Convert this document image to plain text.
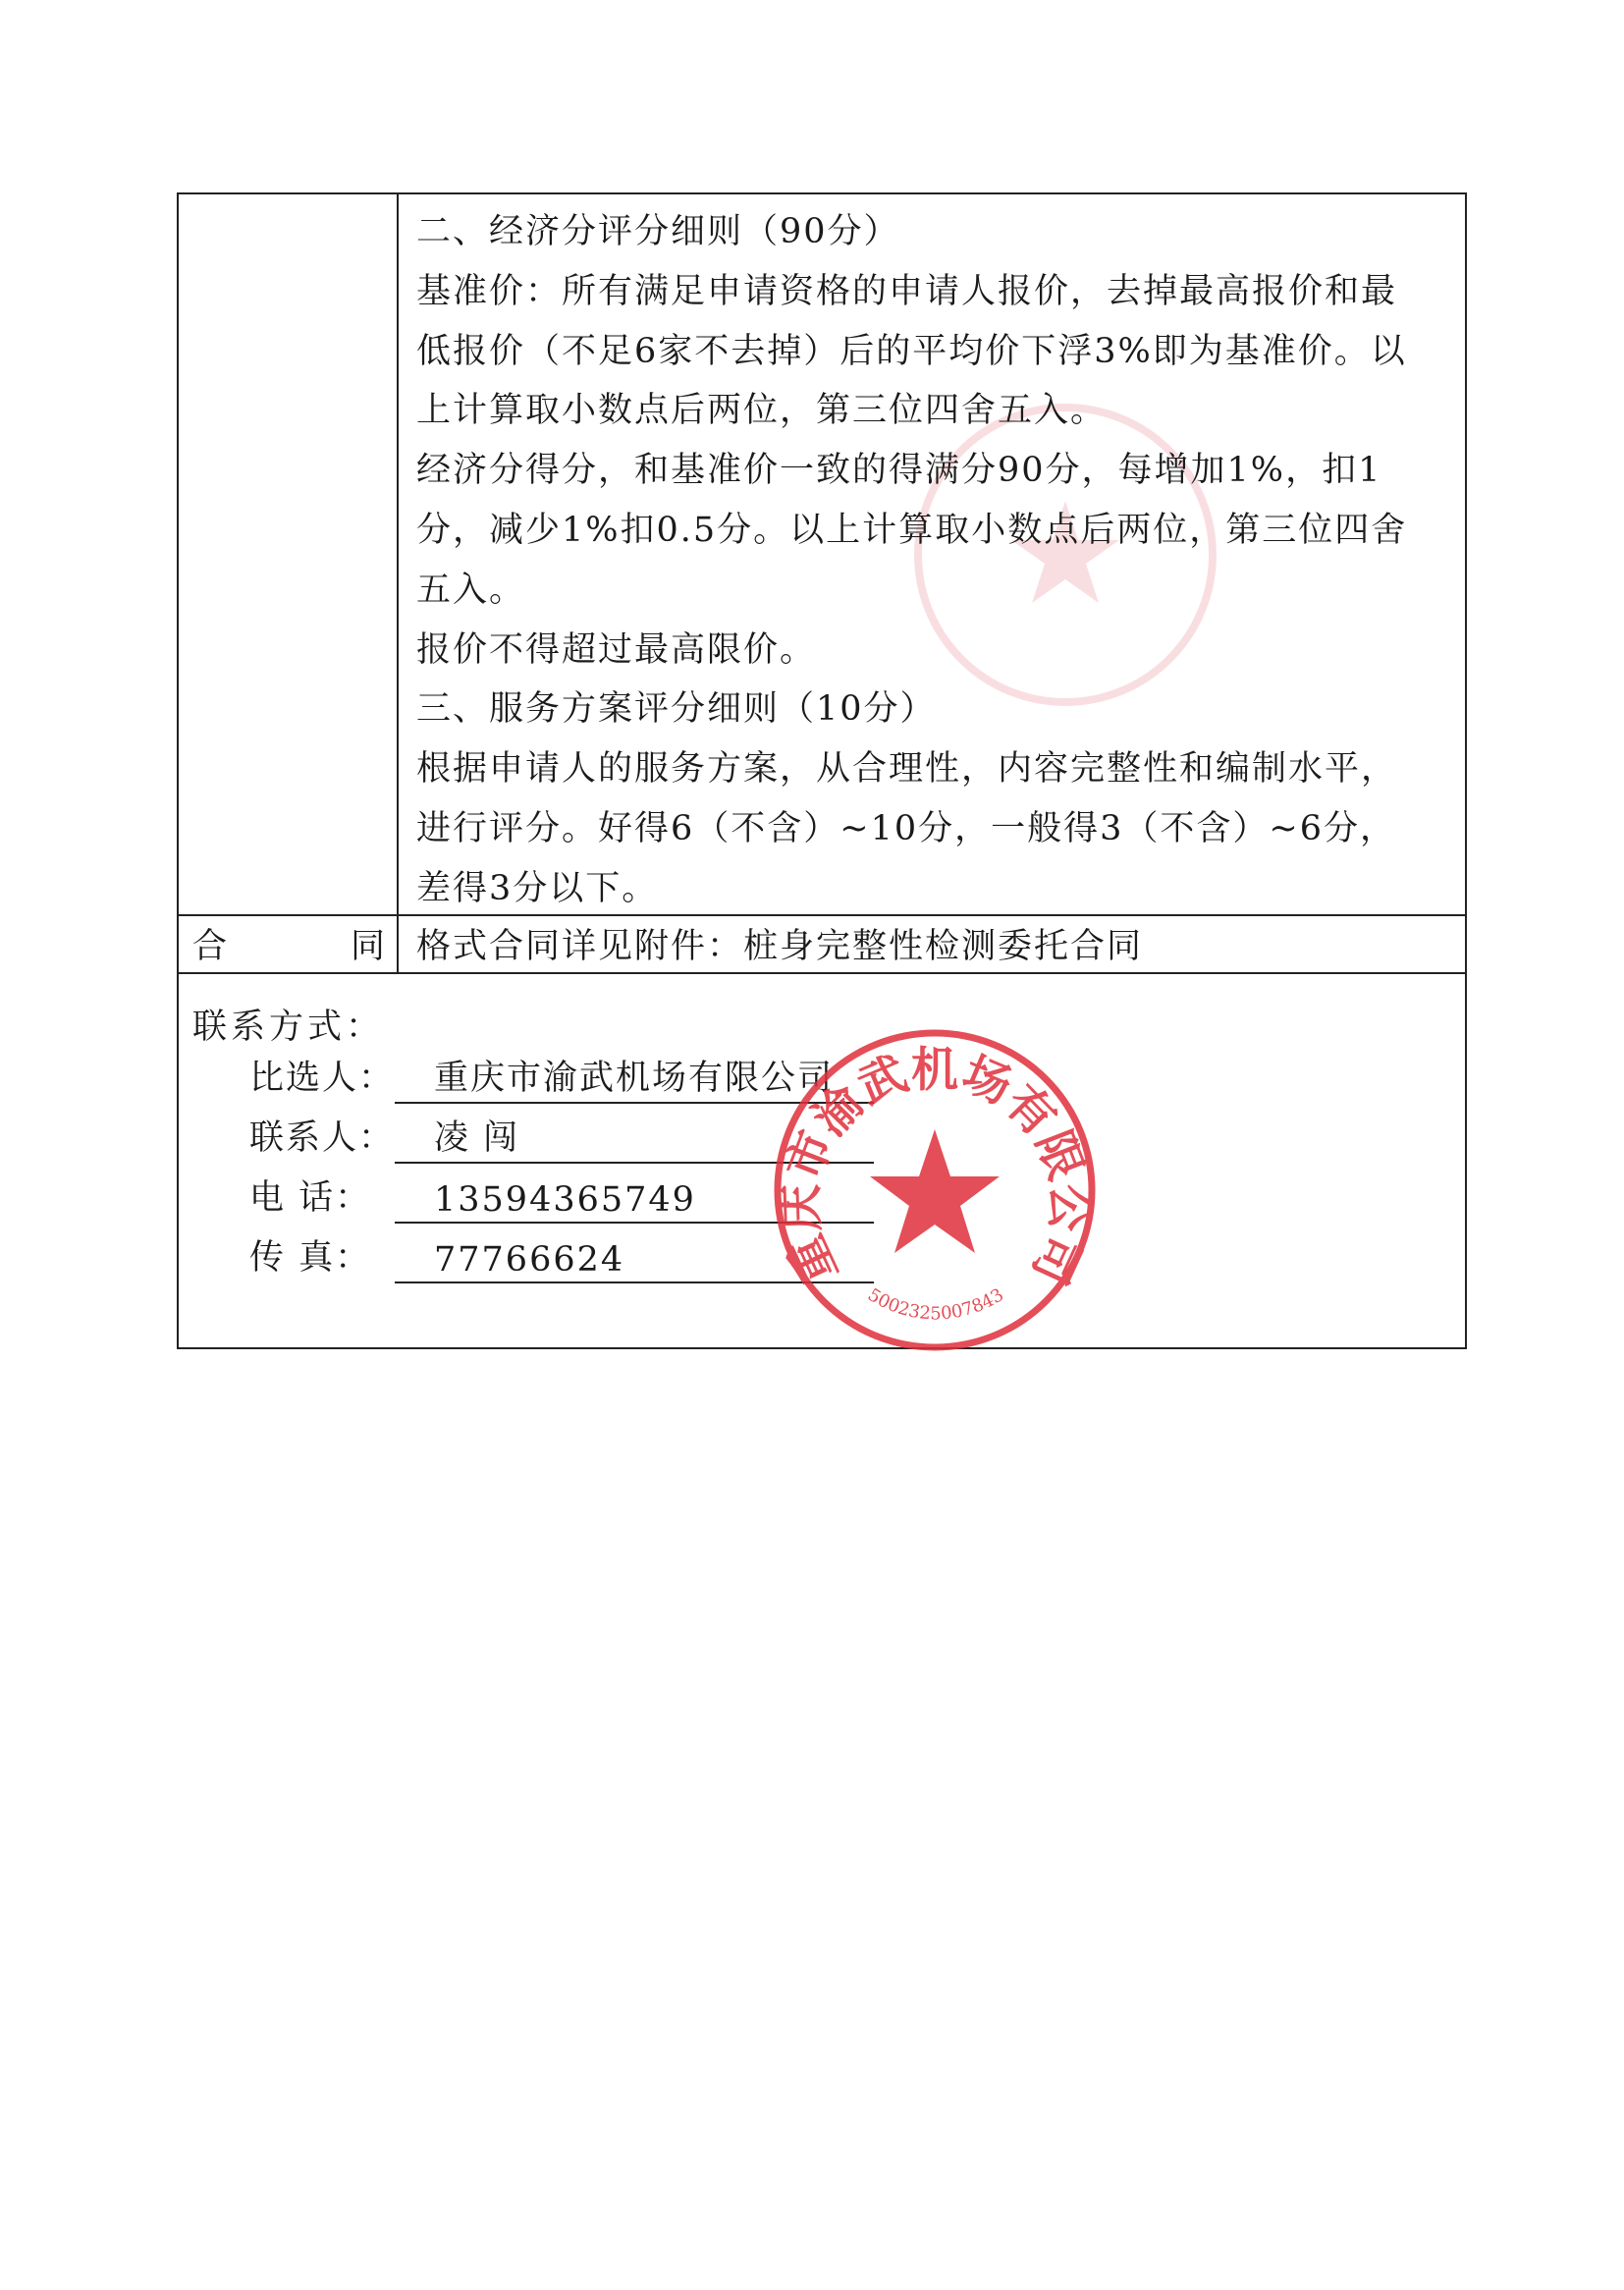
二、经济分评分细则（90分）

基准价：所有满足申请资格的申请人报价，去掉最高报价和最

低报价（不足6家不去掉）后的平均价下浮3%即为基准价。以

上计算取小数点后两位，第三位四舍五入。

经济分得分，和基准价一致的得满分90分，每增加1%，扣1

分，减少1%扣0.5分。以上计算取小数点后两位，第三位四舍

五入。

报价不得超过最高限价。

三、服务方案评分细则（10分）

根据申请人的服务方案，从合理性，内容完整性和编制水平，

进行评分。好得6（不含）~10分，一般得3（不含）~6分，

差得3分以下。

合	同 格式合同详见附件：桩身完整性检测委托合同
联系方式：
比选人： 重庆市渝武机场有限公司
联系人： 凌 闯
电 话： 13594365749
传 真： 77766624	重庆市渝武机场有限公司
5002325007843
